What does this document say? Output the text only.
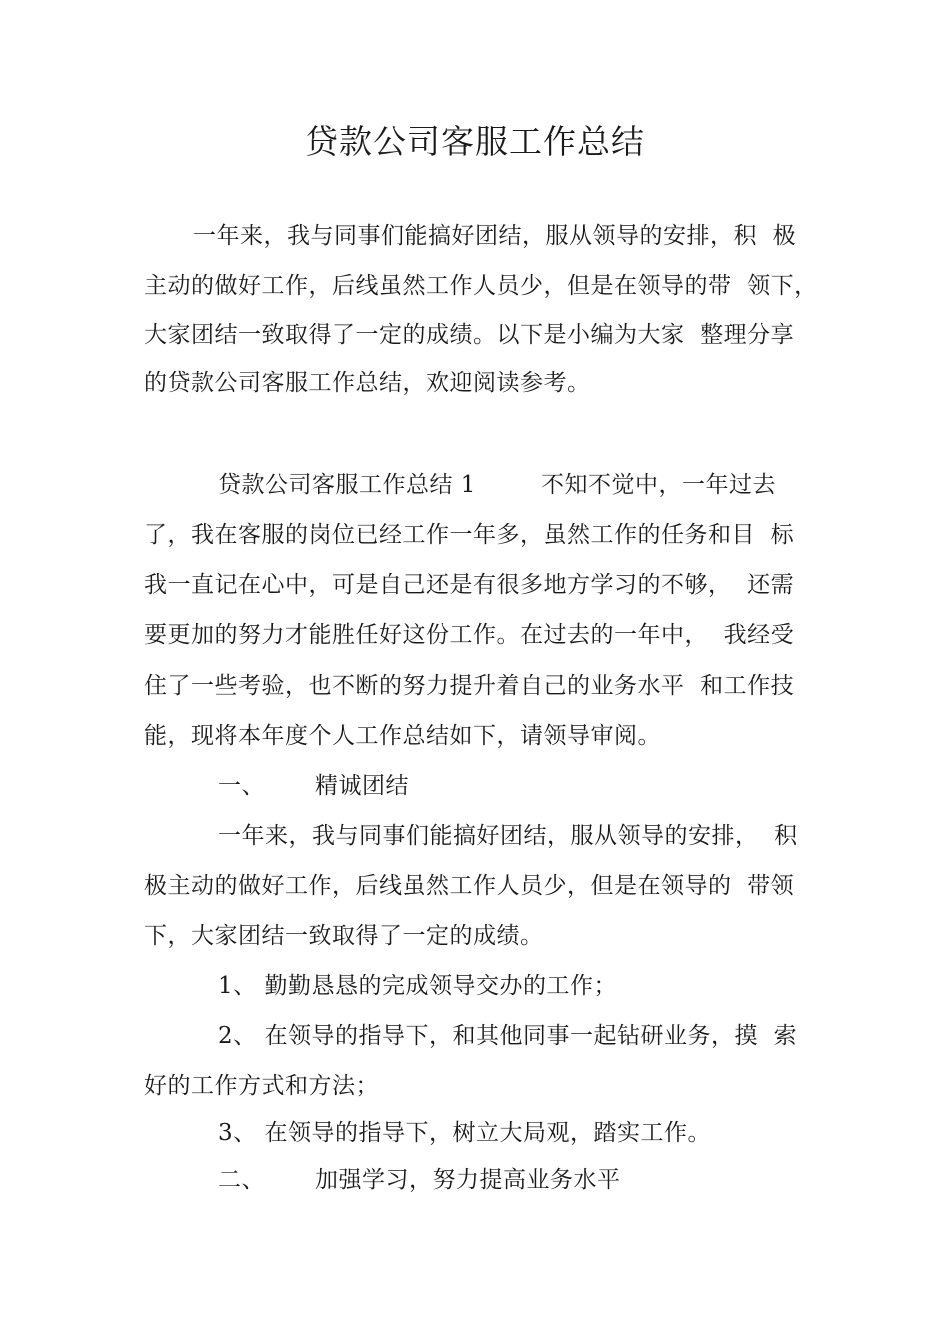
贷款公司客服工作总结
一年来，我与同事们能搞好团结，服从领导的安排，积  极
主动的做好工作，后线虽然工作人员少，但是在领导的带  领下，
大家团结一致取得了一定的成绩。以下是小编为大家  整理分享
的贷款公司客服工作总结，欢迎阅读参考。
贷款公司客服工作总结 1	不知不觉中，一年过去
了，我在客服的岗位已经工作一年多，虽然工作的任务和目  标
我一直记在心中，可是自己还是有很多地方学习的不够，  还需
要更加的努力才能胜任好这份工作。在过去的一年中，  我经受
住了一些考验，也不断的努力提升着自己的业务水平  和工作技
能，现将本年度个人工作总结如下，请领导审阅。
一、 精诚团结
一年来，我与同事们能搞好团结，服从领导的安排，  积
极主动的做好工作，后线虽然工作人员少，但是在领导的  带领
下，大家团结一致取得了一定的成绩。
1、 勤勤恳恳的完成领导交办的工作；
2、 在领导的指导下，和其他同事一起钻研业务，摸  索
好的工作方式和方法；
3、 在领导的指导下，树立大局观，踏实工作。
二、 加强学习，努力提高业务水平
